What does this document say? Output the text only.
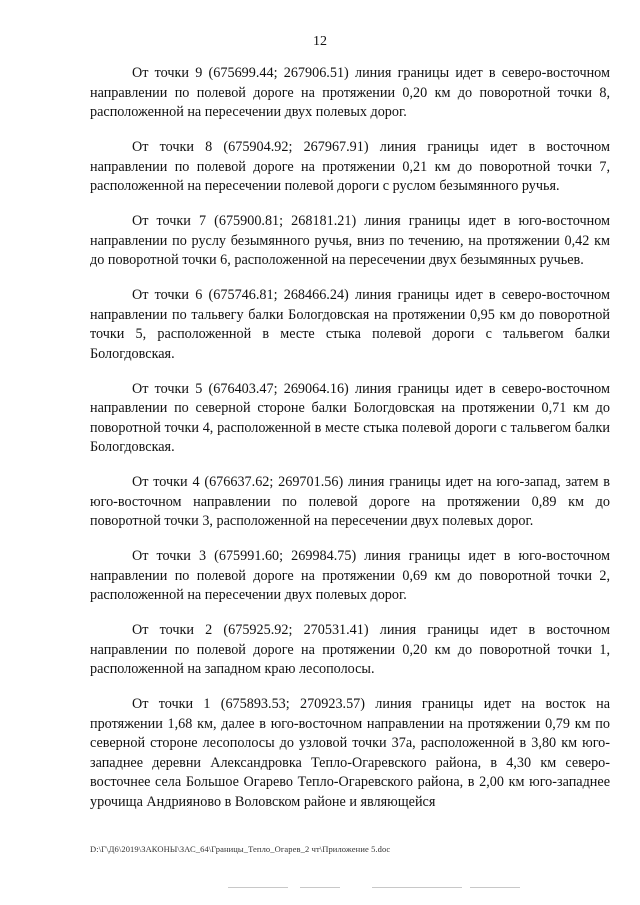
12

От точки 9 (675699.44; 267906.51) линия границы идет в северо-восточном направлении по полевой дороге на протяжении 0,20 км до поворотной точки 8, расположенной на пересечении двух полевых дорог.

От точки 8 (675904.92; 267967.91) линия границы идет в восточном направлении по полевой дороге на протяжении 0,21 км до поворотной точки 7, расположенной на пересечении полевой дороги с руслом безымянного ручья.

От точки 7 (675900.81; 268181.21) линия границы идет в юго-восточном направлении по руслу безымянного ручья, вниз по течению, на протяжении 0,42 км до поворотной точки 6, расположенной на пересечении двух безымянных ручьев.

От точки 6 (675746.81; 268466.24) линия границы идет в северо-восточном направлении по тальвегу балки Бологдовская на протяжении 0,95 км до поворотной точки 5, расположенной в месте стыка полевой дороги с тальвегом балки Бологдовская.

От точки 5 (676403.47; 269064.16) линия границы идет в северо-восточном направлении по северной стороне балки Бологдовская на протяжении 0,71 км до поворотной точки 4, расположенной в месте стыка полевой дороги с тальвегом балки Бологдовская.

От точки 4 (676637.62; 269701.56) линия границы идет на юго-запад, затем в юго-восточном направлении по полевой дороге на протяжении 0,89 км до поворотной точки 3, расположенной на пересечении двух полевых дорог.

От точки 3 (675991.60; 269984.75) линия границы идет в юго-восточном направлении по полевой дороге на протяжении 0,69 км до поворотной точки 2, расположенной на пересечении двух полевых дорог.

От точки 2 (675925.92; 270531.41) линия границы идет в восточном направлении по полевой дороге на протяжении 0,20 км до поворотной точки 1, расположенной на западном краю лесополосы.

От точки 1 (675893.53; 270923.57) линия границы идет на восток на протяжении 1,68 км, далее в юго-восточном направлении на протяжении 0,79 км по северной стороне лесополосы до узловой точки 37а, расположенной в 3,80 км юго-западнее деревни Александровка Тепло-Огаревского района, в 4,30 км северо-восточнее села Большое Огарево Тепло-Огаревского района, в 2,00 км юго-западнее урочища Андрияново в Воловском районе и являющейся

D:\Г\Д6\2019\ЗАКОНЫ\ЗАС_64\Границы_Тепло_Огарев_2 чт\Приложение 5.doc
